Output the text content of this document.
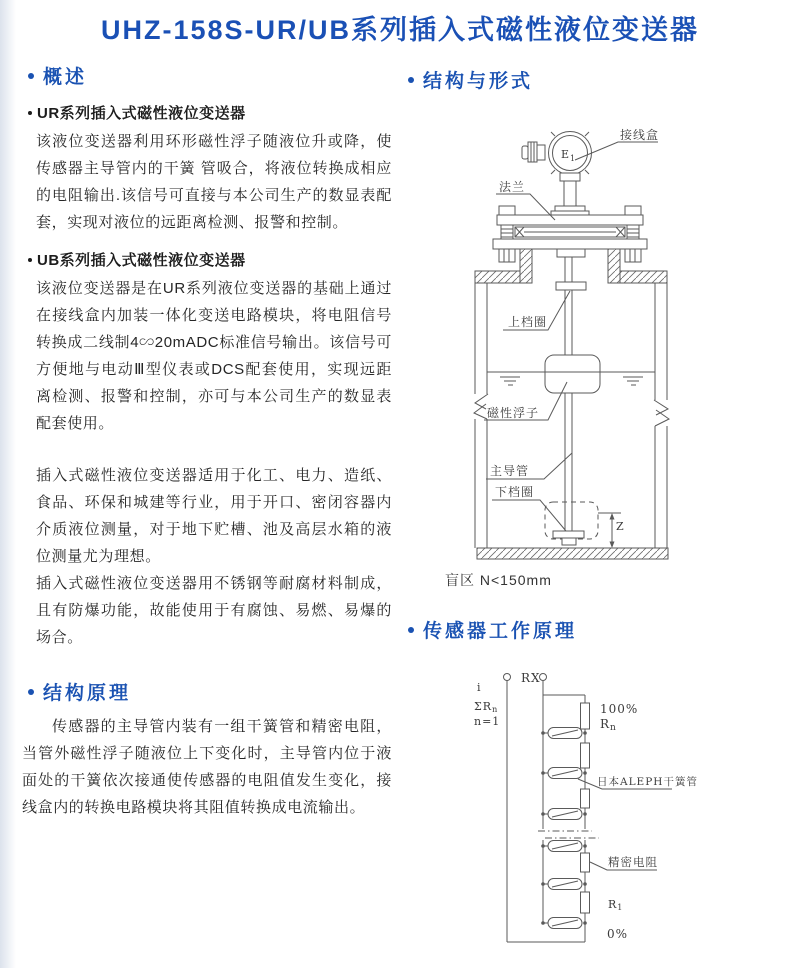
UHZ-158S-UR/UB系列插入式磁性液位变送器
概述
UR系列插入式磁性液位变送器

该液位变送器利用环形磁性浮子随液位升或降，使传感器主导管内的干簧 管吸合，将液位转换成相应的电阻输出.该信号可直接与本公司生产的数显表配套，实现对液位的远距离检测、报警和控制。

UB系列插入式磁性液位变送器

该液位变送器是在UR系列液位变送器的基础上通过在接线盒内加装一体化变送电路模块，将电阻信号转换成二线制4∽20mADC标准信号输出。该信号可方便地与电动Ⅲ型仪表或DCS配套使用，实现远距离检测、报警和控制，亦可与本公司生产的数显表配套使用。

插入式磁性液位变送器适用于化工、电力、造纸、食品、环保和城建等行业，用于开口、密闭容器内介质液位测量，对于地下贮槽、池及高层水箱的液位测量尤为理想。

插入式磁性液位变送器用不锈钢等耐腐材料制成，且有防爆功能，故能使用于有腐蚀、易燃、易爆的场合。

结构原理

传感器的主导管内装有一组干簧管和精密电阻，当管外磁性浮子随液位上下变化时，主导管内位于液面处的干簧依次接通使传感器的电阻值发生变化，接线盒内的转换电路模块将其阻值转换成电流输出。

结构与形式
$E_1$
Z
接线盒
法兰
上档圈
磁性浮子
主导管
下档圈
盲区 N<150mm
传感器工作原理
RX
i
ΣRn
n=1
100%
Rn
日本ALEPH干簧管
精密电阻
R1
0%
